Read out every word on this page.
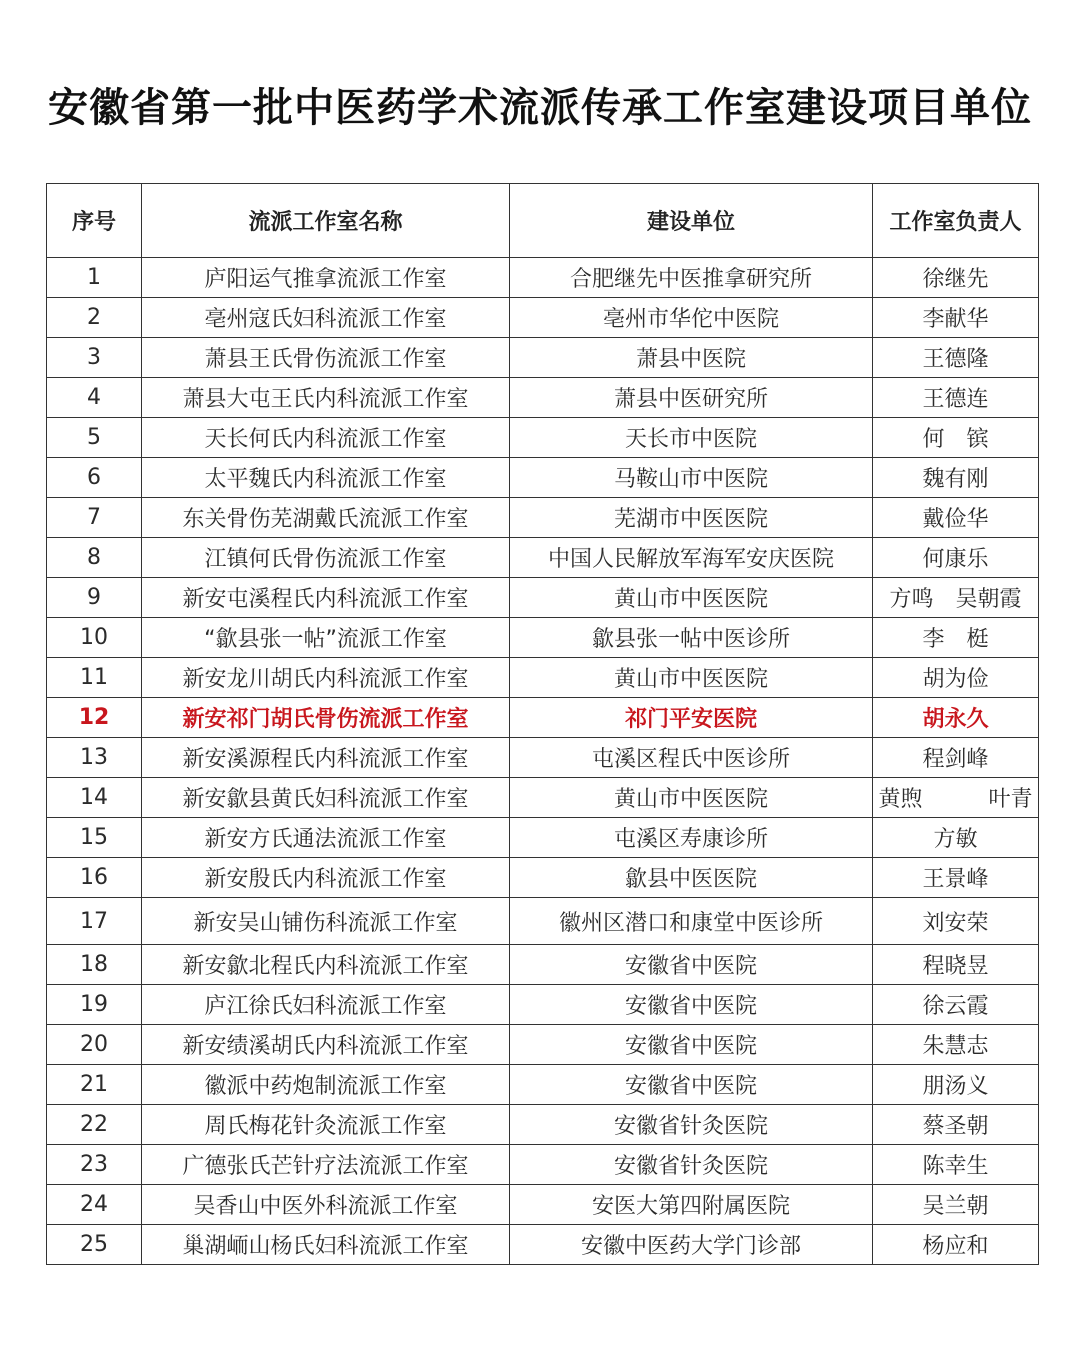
安徽省第一批中医药学术流派传承工作室建设项目单位
序号	流派工作室名称	建设单位	工作室负责人
1	庐阳运气推拿流派工作室	合肥继先中医推拿研究所	徐继先
2	亳州寇氏妇科流派工作室	亳州市华佗中医院	李献华
3	萧县王氏骨伤流派工作室	萧县中医院	王德隆
4	萧县大屯王氏内科流派工作室	萧县中医研究所	王德连
5	天长何氏内科流派工作室	天长市中医院	何　镔
6	太平魏氏内科流派工作室	马鞍山市中医院	魏有刚
7	东关骨伤芜湖戴氏流派工作室	芜湖市中医医院	戴俭华
8	江镇何氏骨伤流派工作室	中国人民解放军海军安庆医院	何康乐
9	新安屯溪程氏内科流派工作室	黄山市中医医院	方鸣　吴朝霞
10	“歙县张一帖”流派工作室	歙县张一帖中医诊所	李　梃
11	新安龙川胡氏内科流派工作室	黄山市中医医院	胡为俭
12	新安祁门胡氏骨伤流派工作室	祁门平安医院	胡永久
13	新安溪源程氏内科流派工作室	屯溪区程氏中医诊所	程剑峰
14	新安歙县黄氏妇科流派工作室	黄山市中医医院	黄煦　　　叶青
15	新安方氏通法流派工作室	屯溪区寿康诊所	方敏
16	新安殷氏内科流派工作室	歙县中医医院	王景峰
17	新安吴山铺伤科流派工作室	徽州区潜口和康堂中医诊所	刘安荣
18	新安歙北程氏内科流派工作室	安徽省中医院	程晓昱
19	庐江徐氏妇科流派工作室	安徽省中医院	徐云霞
20	新安绩溪胡氏内科流派工作室	安徽省中医院	朱慧志
21	徽派中药炮制流派工作室	安徽省中医院	朋汤义
22	周氏梅花针灸流派工作室	安徽省针灸医院	蔡圣朝
23	广德张氏芒针疗法流派工作室	安徽省针灸医院	陈幸生
24	吴香山中医外科流派工作室	安医大第四附属医院	吴兰朝
25	巢湖峏山杨氏妇科流派工作室	安徽中医药大学门诊部	杨应和
